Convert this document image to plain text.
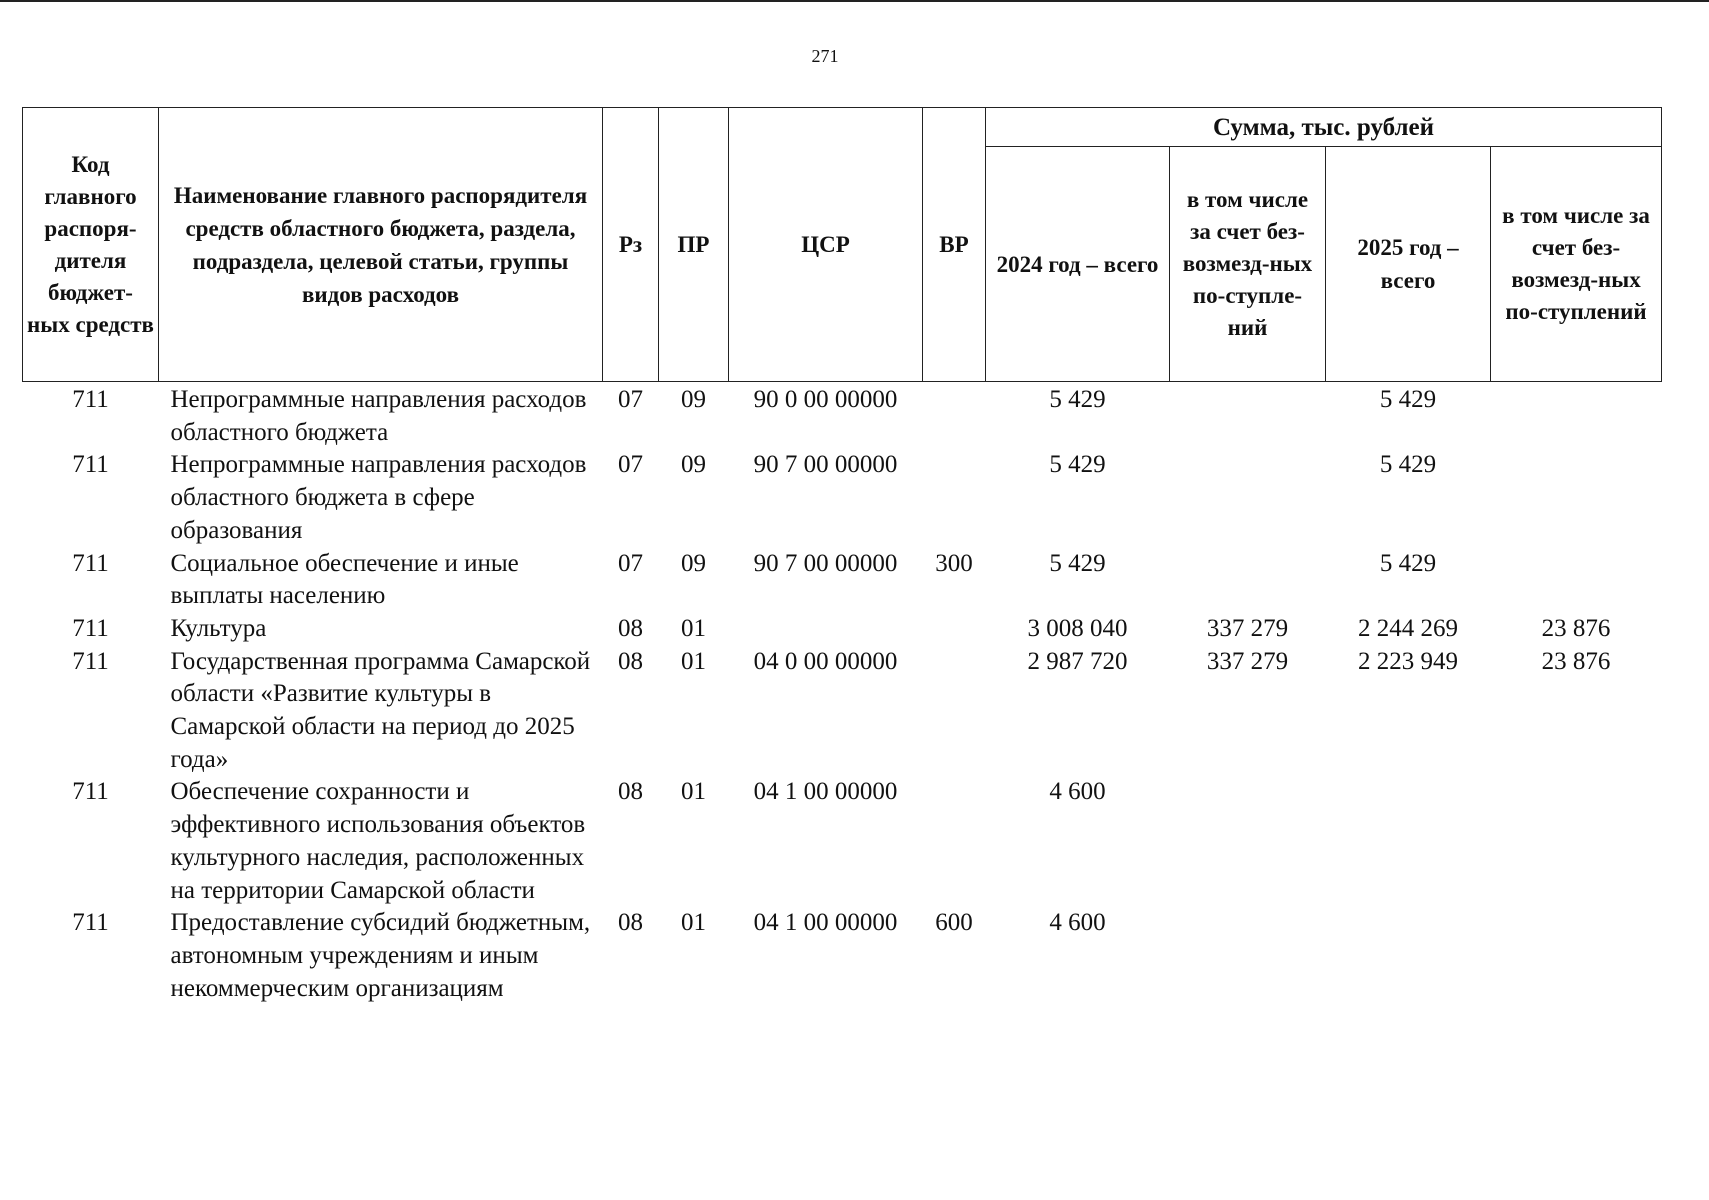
271
Код главного распоря-дителя бюджет-ных средств	Наименование главного распорядителя средств областного бюджета, раздела, подраздела, целевой статьи, группы видов расходов	Рз	ПР	ЦСР	ВР	Сумма, тыс. рублей			
						2024 год – всего	в том числе за счет без-возмезд-ных по-ступле-ний	2025 год – всего	в том числе за счет без-возмезд-ных по-ступлений
711	Непрограммные направления расходов областного бюджета	07	09	90 0 00 00000		5 429		5 429	
711	Непрограммные направления расходов областного бюджета в сфере образования	07	09	90 7 00 00000		5 429		5 429	
711	Социальное обеспечение и иные выплаты населению	07	09	90 7 00 00000	300	5 429		5 429	
711	Культура	08	01			3 008 040	337 279	2 244 269	23 876
711	Государственная программа Самарской области «Развитие культуры в Самарской области на период до 2025 года»	08	01	04 0 00 00000		2 987 720	337 279	2 223 949	23 876
711	Обеспечение сохранности и эффективного использования объектов культурного наследия, расположенных на территории Самарской области	08	01	04 1 00 00000		4 600			
711	Предоставление субсидий бюджетным, автономным учреждениям и иным некоммерческим организациям	08	01	04 1 00 00000	600	4 600			
